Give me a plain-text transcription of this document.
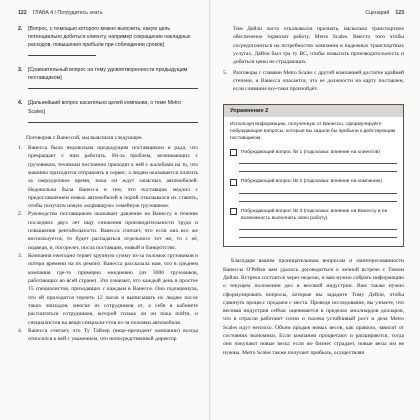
122 ГЛАВА 4 / Потрудитесь знать
2.	[Вопрос, с помощью которого можно выяснить, какую цель потенциально добиться клиенту, например сокращение накладных расходов, повышения прибыли при соблюдении сроков]

3.	[Сравнительный вопрос на тему удовлетворенности предыдущим поставщиком]

4.	[Дальнейший вопрос касательно целей компании, о теме Metro Scales]

Поговорив с Ванессой, мы выяснили следующее.

1.	Ванесса была недовольна предыдущим поставщиком и рада, что прекращает с ним работать. Из-за проблем, возникающих с грузовиком, техникам постоянно приходят к ней с жалобами на то, что машины приходится отправлять в сервис, а людям оказывается платить за сверхурочное время, пока он ждут запасных автомобилей. Недовольна была Ванесса и тем, что поставщик медлил с предоставлением новых автомобилей и порой отказывался их ставить, чтобы получить новую «кормящую» семейную грузовиком.
2.	Руководство поставщиком оказывает давление на Ванессу в течение последних двух лет ищу снижения производительности труда и повышения рентабельности. Ванесса считает, что если она все же воспользуется, то будет распадаться отдельного тот же, то с её, подведя, и, погорелет, посла поставщик, новый и банкротство.
3.	Компания ежегодно теряет крупную сумму из-за поломок грузовиков и потери времени на их ремонт. Ванесса рассказала нам, что в среднем компания где-то примерно ежедневно (из 3000 грузовиков, работающих во всей стране). Это означает, что каждый день в простое 15 специалистов, приходящих с каждым в Ванессе. Она подчеркнула, что ей приходится терпеть 12 часов и выписывать их людям после таких эпизодов, многие из сотрудников от, а себя в кабинете рассчитаться сотрудников, которой только ли он пока пойти, и специалистов на вещи специали-стов из-за поломки автомобиля.
4.	Ванесса считает, что Ту Тайлер (вице-президент компании) всегда относился к ней с уважением, что непосредственный директор
Сценарий 123

Тим Дейли часто отказывался признать, насколько транспортное обеспечение тормозит работу. Metro Scales. Вместо того чтобы сосредоточиться на потребностях компании в надежных транспортных услугах, Дейли был тра ту ВС, чтобы повысить производительность и добиться цены не страдающих.

5.	Разговоры с главами Metro Scales с другой компанией достатке крайней степени, и Ванесса опасается, что ее должности на карту поставлен, если сливание все-таки произойдёт.
Упражнение 2
Используя информацию, полученную от Ванессы, сформулируйте побуждающие вопросы, которые вы задали бы прибыли к действующим поставщиком.
Побуждающий вопрос № 1 (подсказка: влияние на клиентов)
Побуждающий вопрос № 2 (подсказка: влияние на компанию)
Побуждающий вопрос № 3 (подсказка: влияние на Ванессу и ее возможность выполнить свою работу)

Благодаря вашим проницательным вопросам и заинтересованности Ванессы О'Рейли вам удалось договориться о личной встрече с Тимом Дейли. Встреча состоится через неделю, и вам нужно собрать информацию о текущем положении дел в весовой индустрии. Вам также нужно сформулировать вопросы, которые вы зададите Тиму Дейли, чтобы сдвинуть процесс продажи с места. Проведя исследование, вы узнаете, что весовая индустрия сейчас оценивается в пределах миллиардов долларов, что в отрасли работают сотни и тысяча устойчивый рост и дела Metro Scales идут неплохо. Объем продаж новых весов, как правило, зависит от состояния экономики. Если компании процветают и расширяются, тогда они покупают новые весы; если же бизнес страдает, новые весы им не нужны. Metro Scales также получает прибыль, осуществляя
